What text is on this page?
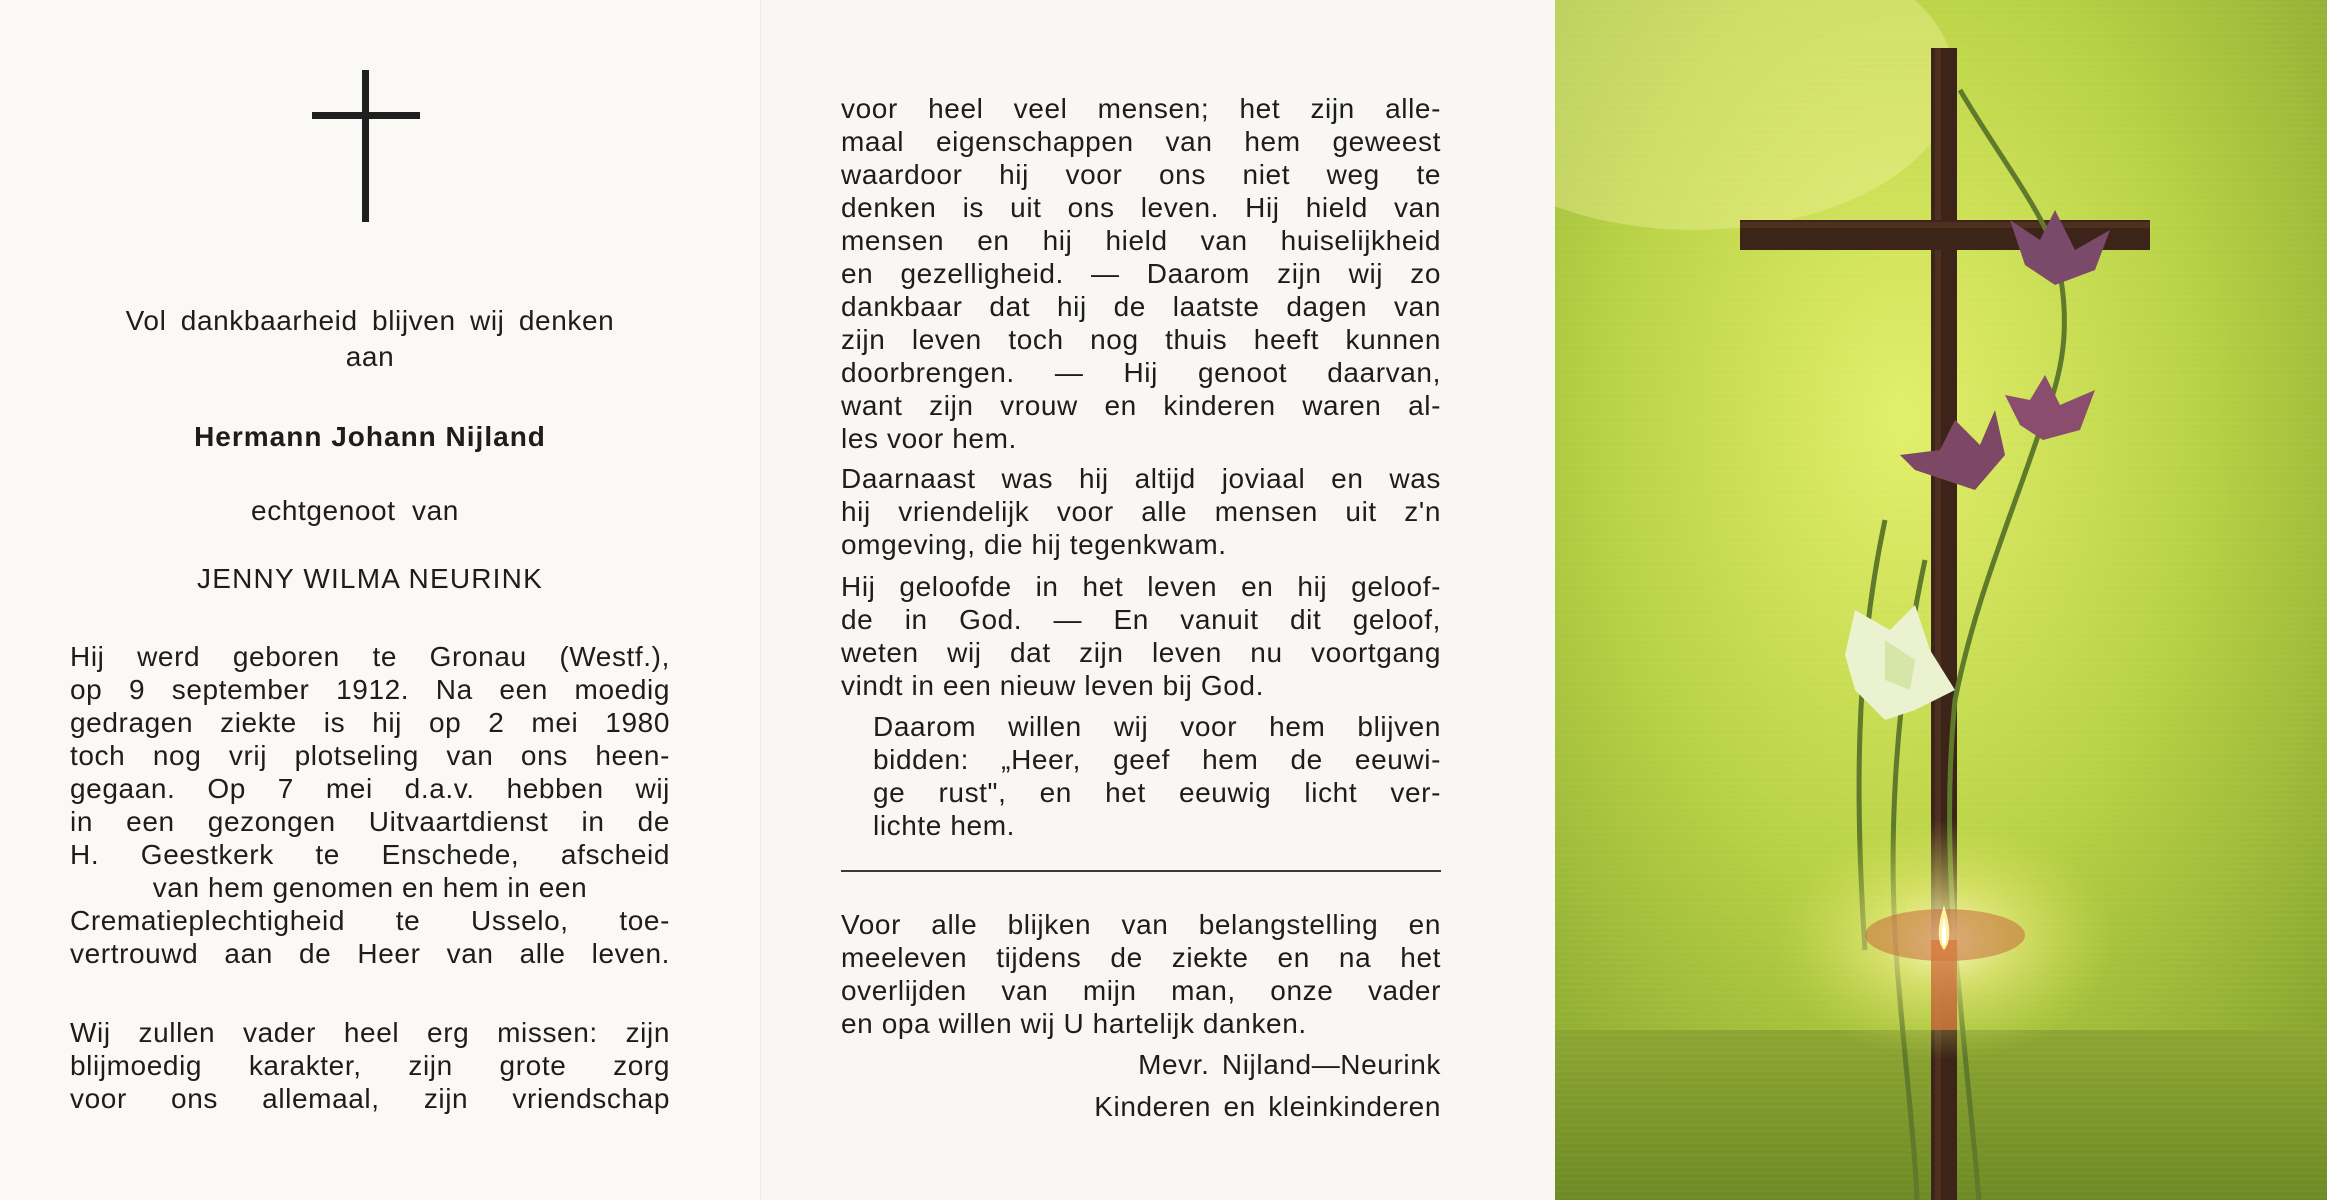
Vol dankbaarheid blijven wij denken
aan
Hermann Johann Nijland
echtgenoot van
JENNY WILMA NEURINK
Hij werd geboren te Gronau (Westf.),
op 9 september 1912. Na een moedig
gedragen ziekte is hij op 2 mei 1980
toch nog vrij plotseling van ons heen-
gegaan. Op 7 mei d.a.v. hebben wij
in een gezongen Uitvaartdienst in de
H. Geestkerk te Enschede, afscheid
van hem genomen en hem in een
Crematieplechtigheid te Usselo, toe-
vertrouwd aan de Heer van alle leven.
Wij zullen vader heel erg missen: zijn
blijmoedig karakter, zijn grote zorg
voor ons allemaal, zijn vriendschap
voor heel veel mensen; het zijn alle-
maal eigenschappen van hem geweest
waardoor hij voor ons niet weg te
denken is uit ons leven. Hij hield van
mensen en hij hield van huiselijkheid
en gezelligheid. — Daarom zijn wij zo
dankbaar dat hij de laatste dagen van
zijn leven toch nog thuis heeft kunnen
doorbrengen. — Hij genoot daarvan,
want zijn vrouw en kinderen waren al-
les voor hem.
Daarnaast was hij altijd joviaal en was
hij vriendelijk voor alle mensen uit z'n
omgeving, die hij tegenkwam.
Hij geloofde in het leven en hij geloof-
de in God. — En vanuit dit geloof,
weten wij dat zijn leven nu voortgang
vindt in een nieuw leven bij God.
Daarom willen wij voor hem blijven
bidden: „Heer, geef hem de eeuwi-
ge rust", en het eeuwig licht ver-
lichte hem.
Voor alle blijken van belangstelling en
meeleven tijdens de ziekte en na het
overlijden van mijn man, onze vader
en opa willen wij U hartelijk danken.
Mevr. Nijland—Neurink
Kinderen en kleinkinderen
